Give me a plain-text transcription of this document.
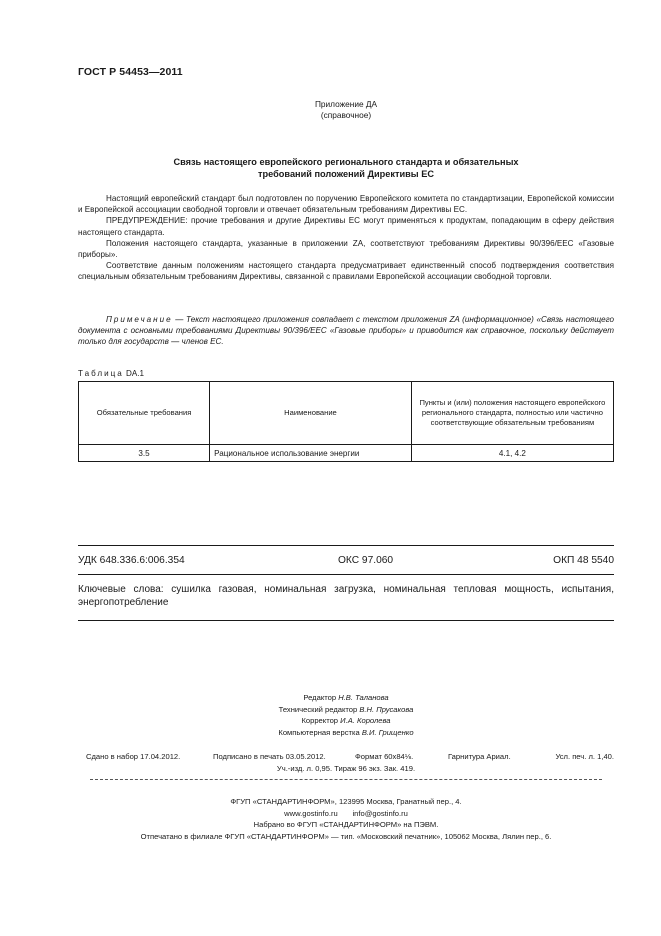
ГОСТ Р 54453—2011
Приложение ДА
(справочное)
Связь настоящего европейского регионального стандарта и обязательных
требований положений Директивы ЕС

Настоящий европейский стандарт был подготовлен по поручению Европейского комитета по стандартизации, Европейской комиссии и Европейской ассоциации свободной торговли и отвечает обязательным требованиям Директивы ЕС.

ПРЕДУПРЕЖДЕНИЕ: прочие требования и другие Директивы ЕС могут применяться к продуктам, попадающим в сферу действия настоящего стандарта.

Положения настоящего стандарта, указанные в приложении ZA, соответствуют требованиям Директивы 90/396/ЕЕС «Газовые приборы».

Соответствие данным положениям настоящего стандарта предусматривает единственный способ подтверждения соответствия специальным обязательным требованиям Директивы, связанной с правилами Европейской ассоциации свободной торговли.

Примечание — Текст настоящего приложения совпадает с текстом приложения ZA (информационное) «Связь настоящего документа с основными требованиями Директивы 90/396/ЕЕС «Газовые приборы» и приводится как справочное, поскольку действует только для государств — членов ЕС.
Таблица DA.1
Обязательные требования	Наименование	Пункты и (или) положения настоящего европейского регионального стандарта, полностью или частично соответствующие обязательным требованиям
3.5	Рациональное использование энергии	4.1, 4.2
УДК 648.336.6:006.354	ОКС 97.060	ОКП 48 5540
Ключевые слова: сушилка газовая, номинальная загрузка, номинальная тепловая мощность, испытания, энергопотребление
Редактор Н.В. Таланова
Технический редактор В.Н. Прусакова
Корректор И.А. Королева
Компьютерная верстка В.И. Грищенко
Сдано в набор 17.04.2012.	Подписано в печать 03.05.2012.	Формат 60x84⅛.	Гарнитура Ариал.	Усл. печ. л. 1,40.
Уч.-изд. л. 0,95. Тираж 96 экз. Зак. 419.
ФГУП «СТАНДАРТИНФОРМ», 123995 Москва, Гранатный пер., 4.
www.gostinfo.ru       info@gostinfo.ru
Набрано во ФГУП «СТАНДАРТИНФОРМ» на ПЭВМ.
Отпечатано в филиале ФГУП «СТАНДАРТИНФОРМ» — тип. «Московский печатник», 105062 Москва, Лялин пер., 6.
